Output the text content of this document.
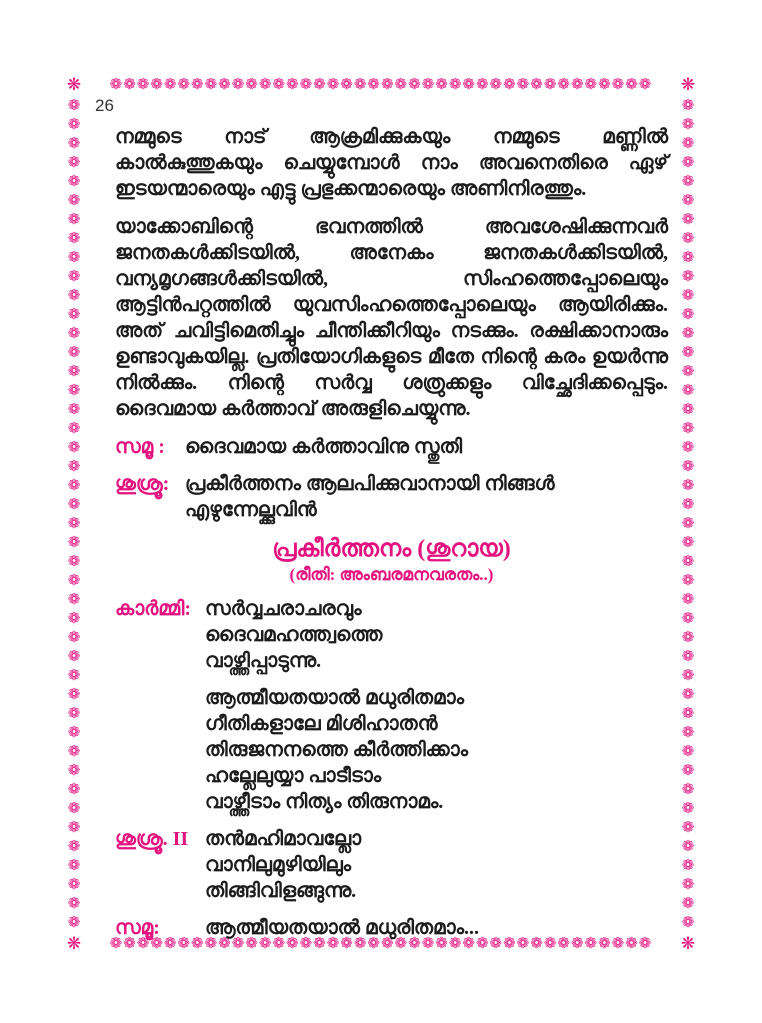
❋	❋
❋	❋
❁❁❁❁❁❁❁❁❁❁❁❁❁❁❁❁❁❁❁❁❁❁❁❁❁❁❁❁❁❁❁❁❁❁❁❁❁❁❁❁
❁❁❁❁❁❁❁❁❁❁❁❁❁❁❁❁❁❁❁❁❁❁❁❁❁❁❁❁❁❁❁❁❁❁❁❁❁❁❁❁
❁❁❁❁❁❁❁❁❁❁❁❁❁❁❁❁❁❁❁❁❁❁❁❁❁❁❁❁❁❁❁❁❁❁❁❁❁❁❁❁❁❁❁❁
❁❁❁❁❁❁❁❁❁❁❁❁❁❁❁❁❁❁❁❁❁❁❁❁❁❁❁❁❁❁❁❁❁❁❁❁❁❁❁❁❁❁❁❁
26

നമ്മുടെ നാട് ആക്രമിക്കുകയും നമ്മുടെ മണ്ണിൽ കാൽകുത്തുകയും ചെയ്യുമ്പോൾ നാം അവനെതിരെ ഏഴ് ഇടയന്മാരെയും എട്ടു പ്രഭുക്കന്മാരെയും അണിനിരത്തും.

യാക്കോബിന്റെ ഭവനത്തിൽ അവശേഷിക്കുന്നവർ ജനതകൾക്കിടയിൽ, അനേകം ജനതകൾക്കിടയിൽ, വന്യമൃഗങ്ങൾക്കിടയിൽ, സിംഹത്തെപ്പോലെയും ആട്ടിൻപറ്റത്തിൽ യുവസിംഹത്തെപ്പോലെയും ആയിരിക്കും. അത് ചവിട്ടിമെതിച്ചും ചീന്തിക്കീറിയും നടക്കും. രക്ഷിക്കാനാരും ഉണ്ടാവുകയില്ല. പ്രതിയോഗികളുടെ മീതേ നിന്റെ കരം ഉയർന്നു നിൽക്കും. നിന്റെ സർവ്വ ശത്രുക്കളും വിച്ഛേദിക്കപ്പെടും. ദൈവമായ കർത്താവ് അരുളിചെയ്യുന്നു.

സമൂ :	ദൈവമായ കർത്താവിനു സ്തുതി
ശുശ്രൂ: പ്രകീർത്തനം ആലപിക്കുവാനായി നിങ്ങൾ എഴുന്നേല്ക്കുവിൻ
പ്രകീർത്തനം (ശുറായ)
(രീതി: അംബരമനവരതം..)
കാർമ്മി: സർവ്വചരാചരവും
ദൈവമഹത്ത്വത്തെ
വാഴ്ത്തിപ്പാടുന്നു.
ആത്മീയതയാൽ മധുരിതമാം
ഗീതികളാലേ മിശിഹാതൻ
തിരുജനനത്തെ കീർത്തിക്കാം
ഹല്ലേലുയ്യാ പാടീടാം
വാഴ്ത്തീടാം നിത്യം തിരുനാമം.
ശുശ്രൂ. II തൻമഹിമാവല്ലോ
വാനിലുമുഴിയിലും
തിങ്ങിവിളങ്ങുന്നു.
സമൂ:	ആത്മീയതയാൽ മധുരിതമാം...
